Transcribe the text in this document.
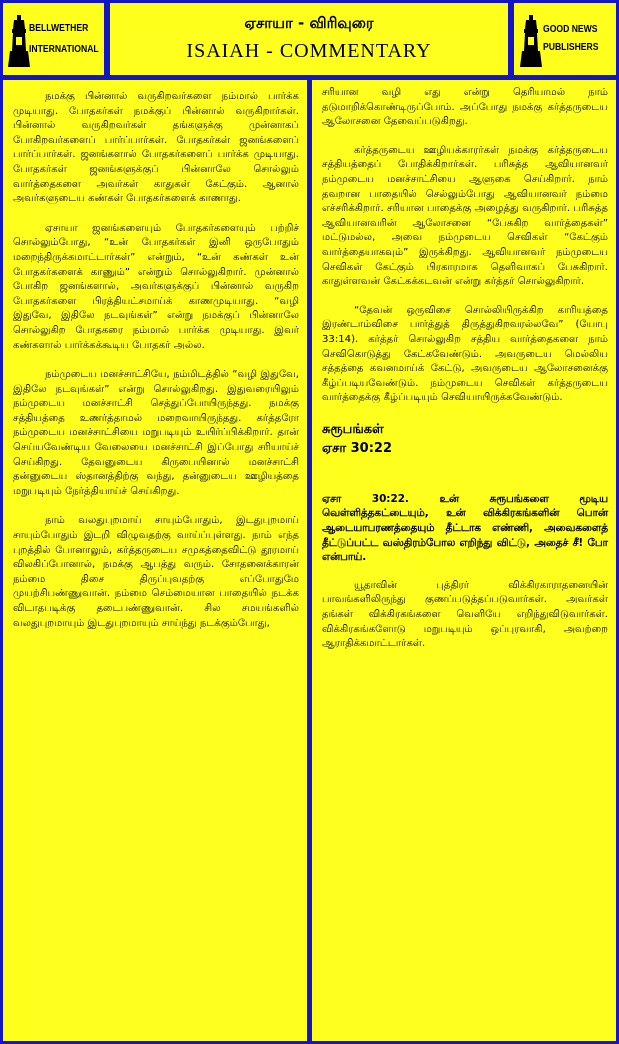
BELLWETHER
INTERNATIONAL
ஏசாயா - விரிவுரை
ISAIAH - COMMENTARY
GOOD NEWS
PUBLISHERS

நமக்கு பின்னால் வருகிறவர்களை நம்மால் பார்க்க முடியாது. போதகர்கள் நமக்குப் பின்னால் வருகிறார்கள். பின்னால் வருகிறவர்கள் தங்களுக்கு முன்னாகப் போகிறவர்களைப் பார்ப்பார்கள். போதகர்கள் ஜனங்களைப் பார்ப்பார்கள். ஜனங்களால் போதகர்களைப் பார்க்க முடியாது. போதகர்கள் ஜனங்களுக்குப் பின்னாலே சொல்லும் வார்த்தைகளை அவர்கள் காதுகள் கேட்கும். ஆனால் அவர்களுடைய கண்கள் போதகர்களைக் காணாது.

ஏசாயா ஜனங்களையும் போதகர்களையும் பற்றிச் சொல்லும்போது, “உன் போதகர்கள் இனி ஒருபோதும் மறைந்திருக்கமாட்டார்கள்” என்றும், “உன் கண்கள் உன் போதகர்களைக் காணும்” என்றும் சொல்லுகிறார். முன்னால் போகிற ஜனங்களால், அவர்களுக்குப் பின்னால் வருகிற போதகர்களை பிரத்தியட்சமாய்க் காணமுடியாது. “வழி இதுவே, இதிலே நடவுங்கள்” என்று நமக்குப் பின்னாலே சொல்லுகிற போதகரை நம்மால் பார்க்க முடியாது. இவர் கண்களால் பார்க்கக்கூடிய போதகர் அல்ல.

நம்முடைய மனச்சாட்சியே, நம்மிடத்தில் “வழி இதுவே, இதிலே நடவுங்கள்” என்று சொல்லுகிறது. இதுவரையிலும் நம்முடைய மனச்சாட்சி செத்துப்போயிருந்தது. நமக்கு சத்தியத்தை உணர்த்தாமல் மறைவாயிருந்தது. கர்த்தரோ நம்முடைய மனச்சாட்சியை மறுபடியும் உயிர்ப்பிக்கிறார். தான் செய்யவேண்டிய வேலையை மனச்சாட்சி இப்போது சரியாய்ச் செய்கிறது. தேவனுடைய கிருபையினால் மனச்சாட்சி தன்னுடைய ஸ்தானத்திற்கு வந்து, தன்னுடைய ஊழியத்தை மறுபடியும் நேர்த்தியாய்ச் செய்கிறது.

நாம் வலதுபுறமாய் சாயும்போதும், இடதுபுறமாய் சாயும்போதும் இடறி விழுவதற்கு வாய்ப்புள்ளது. நாம் எந்த புறத்தில் போனாலும், கர்த்தருடைய சமுகத்தைவிட்டு தூரமாய் விலகிப்போனால், நமக்கு ஆபத்து வரும். சோதனைக்காரன் நம்மை திசை திருப்புவதற்கு எப்போதுமே முயற்சிபண்ணுவான். நம்மை செம்மையான பாதையில் நடக்க விடாதபடிக்கு தடைபண்ணுவான். சில சமயங்களில் வலதுபுறமாயும் இடதுபுறமாயும் சாய்ந்து நடக்கும்போது,

சரியான வழி எது என்று தெரியாமல் நாம் தடுமாறிக்கொண்டிருப்போம். அப்போது நமக்கு கர்த்தருடைய ஆலோசனை தேவைப்படுகிறது.

கர்த்தருடைய ஊழியக்காரர்கள் நமக்கு கர்த்தருடைய சத்தியத்தைப் போதிக்கிறார்கள். பரிசுத்த ஆவியானவர் நம்முடைய மனச்சாட்சியை ஆளுகை செய்கிறார். நாம் தவறான பாதையில் செல்லும்போது ஆவியானவர் நம்மை எச்சரிக்கிறார். சரியான பாதைக்கு அழைத்து வருகிறார். பரிசுத்த ஆவியானவரின் ஆலோசனை “பேசுகிற வார்த்தைகள்” மட்டுமல்ல, அவை நம்முடைய செவிகள் “கேட்கும் வார்த்தையாகவும்” இருக்கிறது. ஆவியானவர் நம்முடைய செவிகள் கேட்கும் பிரகாரமாக தெளிவாகப் பேசுகிறார். காதுள்ளவன் கேட்கக்கடவன் என்று கர்த்தர் சொல்லுகிறார்.

“தேவன் ஒருவிசை சொல்லியிருக்கிற காரியத்தை இரண்டாம்விசை பார்த்துத் திருத்துகிறவரல்லவே” (யோபு 33:14). கர்த்தர் சொல்லுகிற சத்திய வார்த்தைகளை நாம் செவிகொடுத்து கேட்கவேண்டும். அவருடைய மெல்லிய சத்தத்தை கவனமாய்க் கேட்டு, அவருடைய ஆலோசனைக்கு கீழ்ப்படியவேண்டும். நம்முடைய செவிகள் கர்த்தருடைய வார்த்தைக்கு கீழ்ப்படியும் செவியாயிருக்கவேண்டும்.

சுரூபங்கள்

ஏசா 30:22

ஏசா 30:22. உன் சுரூபங்களை மூடிய வெள்ளித்தகட்டையும், உன் விக்கிரகங்களின் பொன் ஆடையாபரணத்தையும் தீட்டாக எண்ணி, அவைகளைத் தீட்டுப்பட்ட வஸ்திரம்போல எறிந்து விட்டு, அதைச் சீ! போ என்பாய்.

யூதாவின் புத்திரர் விக்கிரகாராதனையின் பாவங்களிலிருந்து குணப்படுத்தப்படுவார்கள். அவர்கள் தங்கள் விக்கிரகங்களை வெளியே எறிந்துவிடுவார்கள். விக்கிரகங்களோடு மறுபடியும் ஒப்புரவாகி, அவற்றை ஆராதிக்கமாட்டார்கள்.
